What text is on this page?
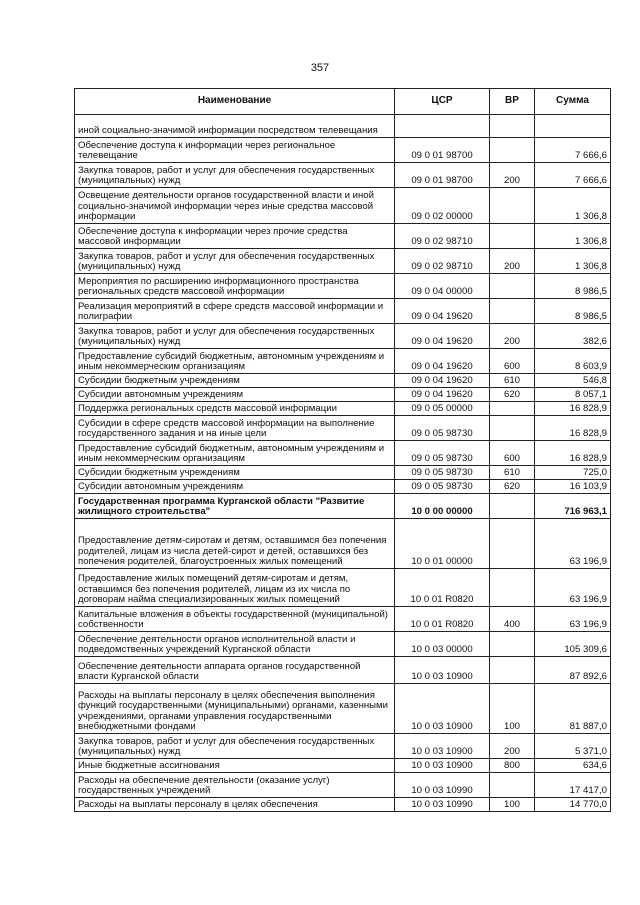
357
Наименование	ЦСР	ВР	Сумма
иной социально-значимой информации посредством телевещания			
Обеспечение доступа к информации через региональное телевещание	09 0 01 98700		7 666,6
Закупка товаров, работ и услуг для обеспечения государственных (муниципальных) нужд	09 0 01 98700	200	7 666,6
Освещение деятельности органов государственной власти и иной социально-значимой информации через иные средства массовой информации	09 0 02 00000		1 306,8
Обеспечение доступа к информации через прочие средства массовой информации	09 0 02 98710		1 306,8
Закупка товаров, работ и услуг для обеспечения государственных (муниципальных) нужд	09 0 02 98710	200	1 306,8
Мероприятия по расширению информационного пространства региональных средств массовой информации	09 0 04 00000		8 986,5
Реализация мероприятий в сфере средств массовой информации и полиграфии	09 0 04 19620		8 986,5
Закупка товаров, работ и услуг для обеспечения государственных (муниципальных) нужд	09 0 04 19620	200	382,6
Предоставление субсидий бюджетным, автономным учреждениям и иным некоммерческим организациям	09 0 04 19620	600	8 603,9
Субсидии бюджетным учреждениям	09 0 04 19620	610	546,8
Субсидии автономным учреждениям	09 0 04 19620	620	8 057,1
Поддержка региональных средств массовой информации	09 0 05 00000		16 828,9
Субсидии в сфере средств массовой информации на выполнение государственного задания и на иные цели	09 0 05 98730		16 828,9
Предоставление субсидий бюджетным, автономным учреждениям и иным некоммерческим организациям	09 0 05 98730	600	16 828,9
Субсидии бюджетным учреждениям	09 0 05 98730	610	725,0
Субсидии автономным учреждениям	09 0 05 98730	620	16 103,9
Государственная программа Курганской области "Развитие жилищного строительства"	10 0 00 00000		716 963,1
Предоставление детям-сиротам и детям, оставшимся без попечения родителей, лицам из числа детей-сирот и детей, оставшихся без попечения родителей, благоустроенных жилых помещений	10 0 01 00000		63 196,9
Предоставление жилых помещений детям-сиротам и детям, оставшимся без попечения родителей, лицам из их числа по договорам найма специализированных жилых помещений	10 0 01 R0820		63 196,9
Капитальные вложения в объекты государственной (муниципальной) собственности	10 0 01 R0820	400	63 196,9
Обеспечение деятельности органов исполнительной власти и подведомственных учреждений Курганской области	10 0 03 00000		105 309,6
Обеспечение деятельности аппарата органов государственной власти Курганской области	10 0 03 10900		87 892,6
Расходы на выплаты персоналу в целях обеспечения выполнения функций государственными (муниципальными) органами, казенными учреждениями, органами управления государственными внебюджетными фондами	10 0 03 10900	100	81 887,0
Закупка товаров, работ и услуг для обеспечения государственных (муниципальных) нужд	10 0 03 10900	200	5 371,0
Иные бюджетные ассигнования	10 0 03 10900	800	634,6
Расходы на обеспечение деятельности (оказание услуг) государственных учреждений	10 0 03 10990		17 417,0
Расходы на выплаты персоналу в целях обеспечения	10 0 03 10990	100	14 770,0
